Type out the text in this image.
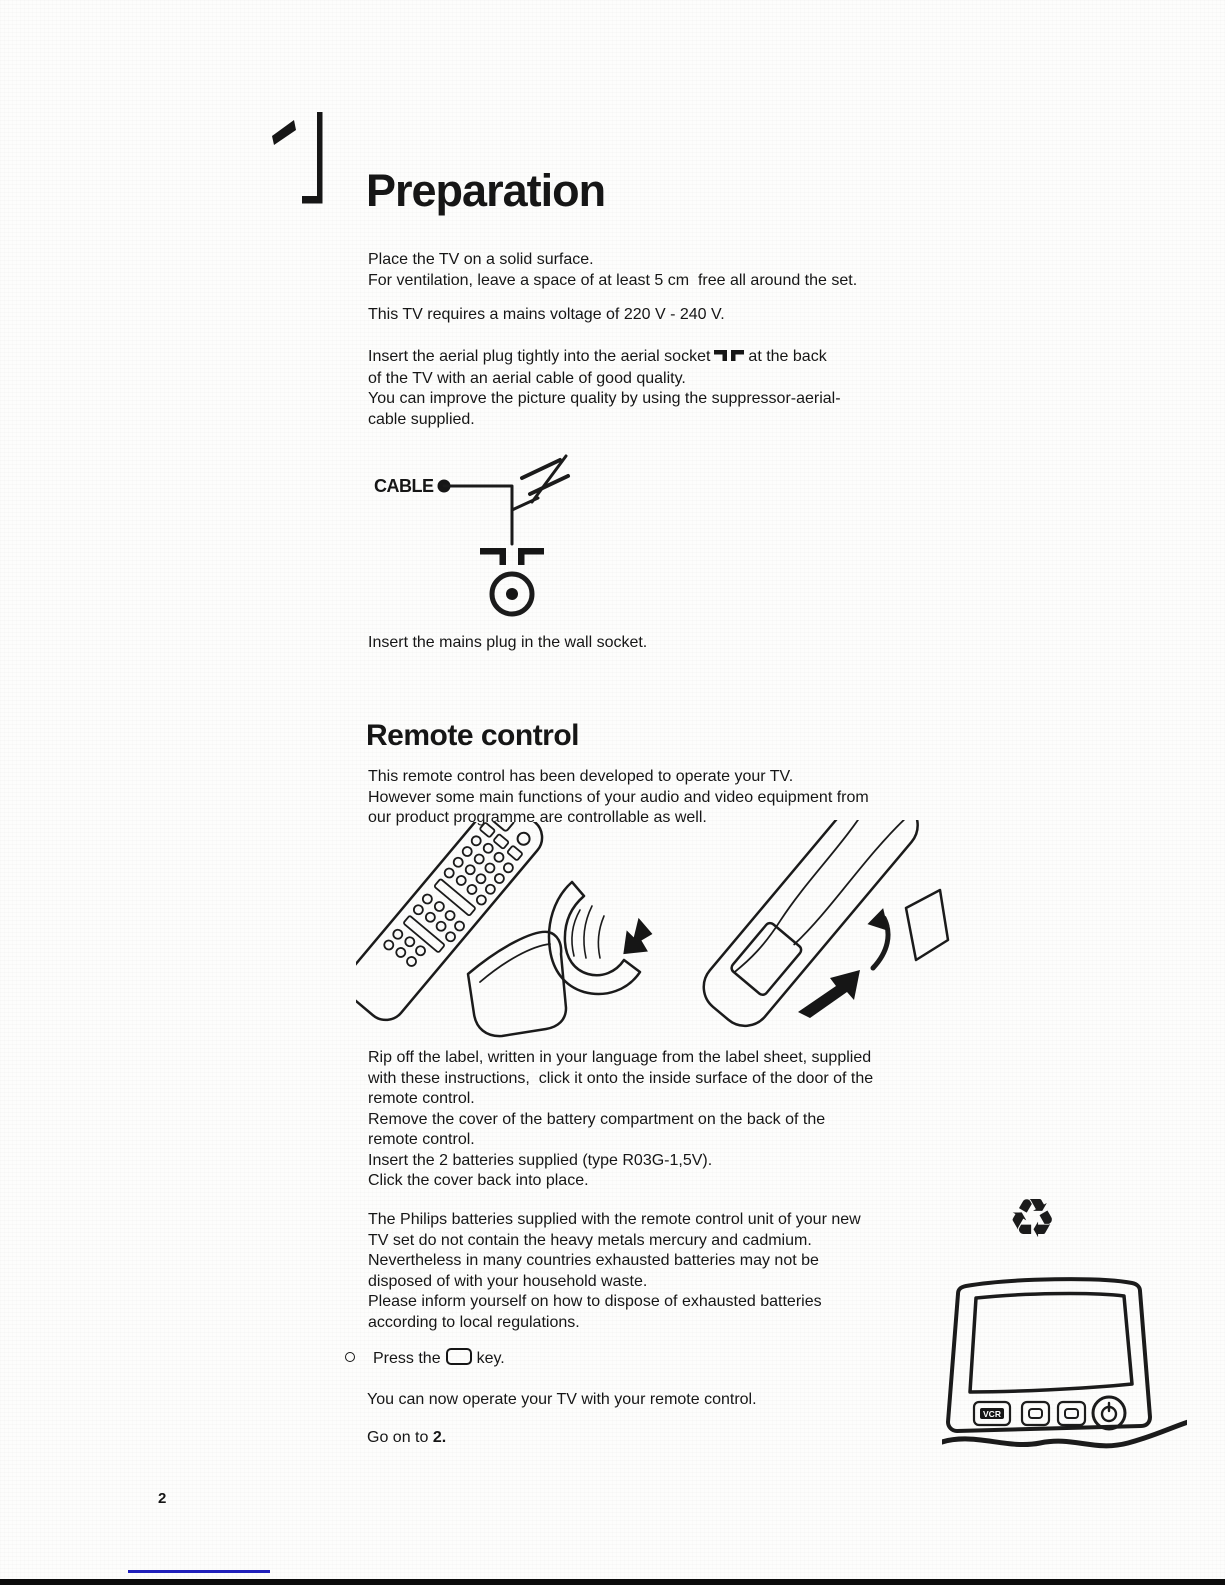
Preparation
Place the TV on a solid surface.
For ventilation, leave a space of at least 5 cm  free all around the set.
This TV requires a mains voltage of 220 V - 240 V.
Insert the aerial plug tightly into the aerial socket at the back
of the TV with an aerial cable of good quality.
You can improve the picture quality by using the suppressor-aerial-
cable supplied.
CABLE
Insert the mains plug in the wall socket.
Remote control
This remote control has been developed to operate your TV.
However some main functions of your audio and video equipment from
our product programme are controllable as well.
Rip off the label, written in your language from the label sheet, supplied
with these instructions,  click it onto the inside surface of the door of the
remote control.
Remove the cover of the battery compartment on the back of the
remote control.
Insert the 2 batteries supplied (type R03G-1,5V).
Click the cover back into place.
The Philips batteries supplied with the remote control unit of your new
TV set do not contain the heavy metals mercury and cadmium.
Nevertheless in many countries exhausted batteries may not be
disposed of with your household waste.
Please inform yourself on how to dispose of exhausted batteries
according to local regulations.
Press the key.
You can now operate your TV with your remote control.
Go on to 2.
♻
VCR
2
